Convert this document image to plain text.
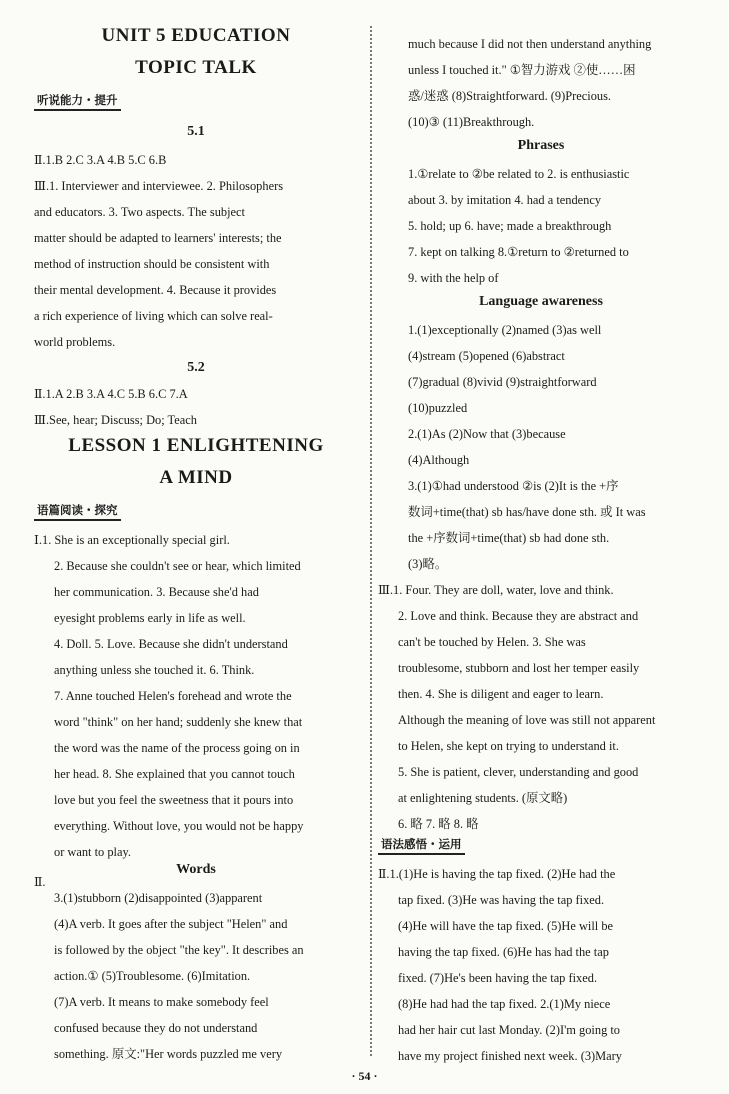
UNIT 5 EDUCATION
TOPIC TALK
听说能力・提升
5.1
Ⅱ.1.B 2.C 3.A 4.B 5.C 6.B
Ⅲ.1. Interviewer and interviewee. 2. Philosophers
and educators. 3. Two aspects. The subject
matter should be adapted to learners' interests; the
method of instruction should be consistent with
their mental development. 4. Because it provides
a rich experience of living which can solve real-
world problems.
5.2
Ⅱ.1.A 2.B 3.A 4.C 5.B 6.C 7.A
Ⅲ.See, hear; Discuss; Do; Teach
LESSON 1 ENLIGHTENING
A MIND
语篇阅读・探究
Ⅰ.1. She is an exceptionally special girl.
2. Because she couldn't see or hear, which limited
her communication. 3. Because she'd had
eyesight problems early in life as well.
4. Doll. 5. Love. Because she didn't understand
anything unless she touched it. 6. Think.
7. Anne touched Helen's forehead and wrote the
word "think" on her hand; suddenly she knew that
the word was the name of the process going on in
her head. 8. She explained that you cannot touch
love but you feel the sweetness that it pours into
everything. Without love, you would not be happy
or want to play.
Words
Ⅱ.
3.(1)stubborn (2)disappointed (3)apparent
(4)A verb. It goes after the subject "Helen" and
is followed by the object "the key". It describes an
action.① (5)Troublesome. (6)Imitation.
(7)A verb. It means to make somebody feel
confused because they do not understand
something. 原文:"Her words puzzled me very
much because I did not then understand anything
unless I touched it." ①智力游戏 ②使……困
惑/迷惑 (8)Straightforward. (9)Precious.
(10)③ (11)Breakthrough.
Phrases
1.①relate to ②be related to 2. is enthusiastic
about 3. by imitation 4. had a tendency
5. hold; up 6. have; made a breakthrough
7. kept on talking 8.①return to ②returned to
9. with the help of
Language awareness
1.(1)exceptionally (2)named (3)as well
(4)stream (5)opened (6)abstract
(7)gradual (8)vivid (9)straightforward
(10)puzzled
2.(1)As (2)Now that (3)because
(4)Although
3.(1)①had understood ②is (2)It is the +序
数词+time(that) sb has/have done sth. 或 It was
the +序数词+time(that) sb had done sth.
(3)略。
Ⅲ.1. Four. They are doll, water, love and think.
2. Love and think. Because they are abstract and
can't be touched by Helen. 3. She was
troublesome, stubborn and lost her temper easily
then. 4. She is diligent and eager to learn.
Although the meaning of love was still not apparent
to Helen, she kept on trying to understand it.
5. She is patient, clever, understanding and good
at enlightening students. (原文略)
6. 略 7. 略 8. 略
语法感悟・运用
Ⅱ.1.(1)He is having the tap fixed. (2)He had the
tap fixed. (3)He was having the tap fixed.
(4)He will have the tap fixed. (5)He will be
having the tap fixed. (6)He has had the tap
fixed. (7)He's been having the tap fixed.
(8)He had had the tap fixed. 2.(1)My niece
had her hair cut last Monday. (2)I'm going to
have my project finished next week. (3)Mary
· 54 ·
